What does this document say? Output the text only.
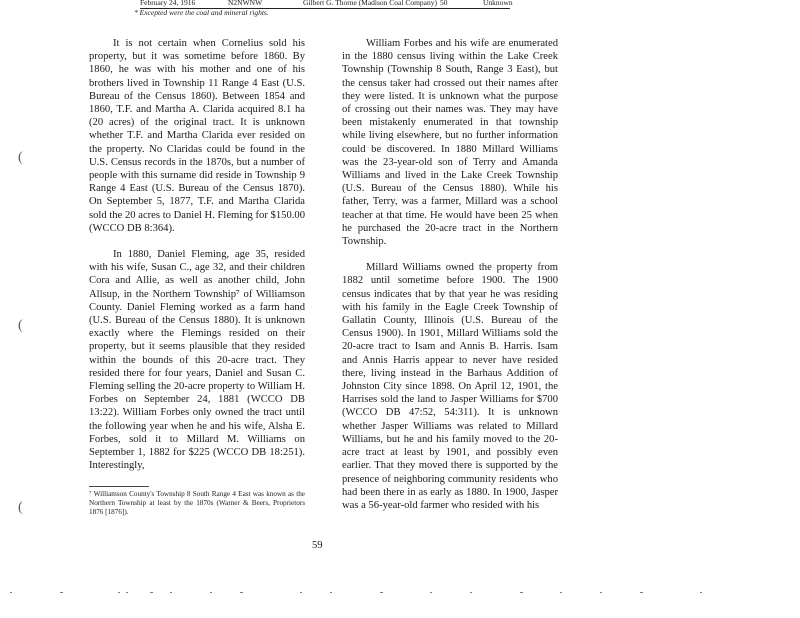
February 24, 1916	N2NWNW	Gilbert G. Thorne (Madison Coal Company) 50	Unknown
* Excepted were the coal and mineral rights.

It is not certain when Cornelius sold his property, but it was sometime before 1860. By 1860, he was with his mother and one of his brothers lived in Township 11 Range 4 East (U.S. Bureau of the Census 1860). Between 1854 and 1860, T.F. and Martha A. Clarida acquired 8.1 ha (20 acres) of the original tract. It is unknown whether T.F. and Martha Clarida ever resided on the property. No Claridas could be found in the U.S. Census records in the 1870s, but a number of people with this surname did reside in Township 9 Range 4 East (U.S. Bureau of the Census 1870). On September 5, 1877, T.F. and Martha Clarida sold the 20 acres to Daniel H. Fleming for $150.00 (WCCO DB 8:364).

In 1880, Daniel Fleming, age 35, resided with his wife, Susan C., age 32, and their children Cora and Allie, as well as another child, John Allsup, in the Northern Township⁷ of Williamson County. Daniel Fleming worked as a farm hand (U.S. Bureau of the Census 1880). It is unknown exactly where the Flemings resided on their property, but it seems plausible that they resided within the bounds of this 20-acre tract. They resided there for four years, Daniel and Susan C. Fleming selling the 20-acre property to William H. Forbes on September 24, 1881 (WCCO DB 13:22). William Forbes only owned the tract until the following year when he and his wife, Alsha E. Forbes, sold it to Millard M. Williams on September 1, 1882 for $225 (WCCO DB 18:251). Interestingly,

⁷ Williamson County's Township 8 South Range 4 East was known as the Northern Township at least by the 1870s (Warner & Beers, Proprietors 1876 [1876]).

William Forbes and his wife are enumerated in the 1880 census living within the Lake Creek Township (Township 8 South, Range 3 East), but the census taker had crossed out their names after they were listed. It is unknown what the purpose of crossing out their names was. They may have been mistakenly enumerated in that township while living elsewhere, but no further information could be discovered. In 1880 Millard Williams was the 23-year-old son of Terry and Amanda Williams and lived in the Lake Creek Township (U.S. Bureau of the Census 1880). While his father, Terry, was a farmer, Millard was a school teacher at that time. He would have been 25 when he purchased the 20-acre tract in the Northern Township.

Millard Williams owned the property from 1882 until sometime before 1900. The 1900 census indicates that by that year he was residing with his family in the Eagle Creek Township of Gallatin County, Illinois (U.S. Bureau of the Census 1900). In 1901, Millard Williams sold the 20-acre tract to Isam and Annis B. Harris. Isam and Annis Harris appear to never have resided there, living instead in the Barhaus Addition of Johnston City since 1898. On April 12, 1901, the Harrises sold the land to Jasper Williams for $700 (WCCO DB 47:52, 54:311). It is unknown whether Jasper Williams was related to Millard Williams, but he and his family moved to the 20-acre tract at least by 1901, and possibly even earlier. That they moved there is supported by the presence of neighboring community residents who had been there in as early as 1880. In 1900, Jasper was a 56-year-old farmer who resided with his

59
(
(
(
